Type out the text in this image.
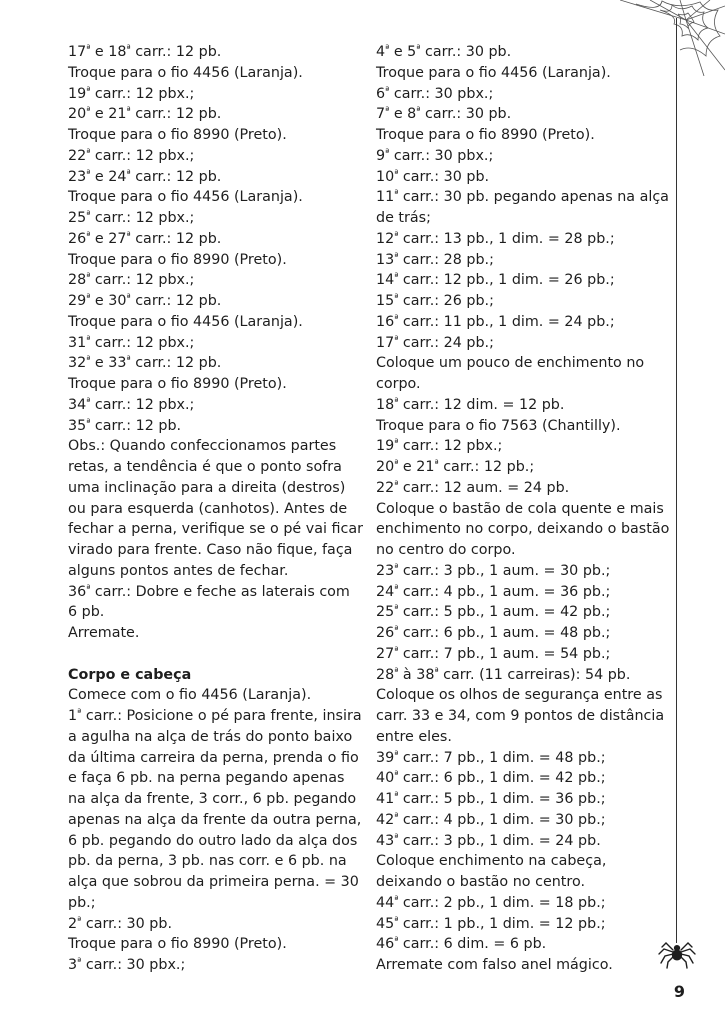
$17^ª$ e $18^ª$ carr.: 12 pb.
Troque para o fio 4456 (Laranja).
$19^ª$ carr.: 12 pbx.;
$20^ª$ e $21^ª$ carr.: 12 pb.
Troque para o fio 8990 (Preto).
$22^ª$ carr.: 12 pbx.;
$23^ª$ e $24^ª$ carr.: 12 pb.
Troque para o fio 4456 (Laranja).
$25^ª$ carr.: 12 pbx.;
$26^ª$ e $27^ª$ carr.: 12 pb.
Troque para o fio 8990 (Preto).
$28^ª$ carr.: 12 pbx.;
$29^ª$ e $30^ª$ carr.: 12 pb.
Troque para o fio 4456 (Laranja).
$31^ª$ carr.: 12 pbx.;
$32^ª$ e $33^ª$ carr.: 12 pb.
Troque para o fio 8990 (Preto).
$34^ª$ carr.: 12 pbx.;
$35^ª$ carr.: 12 pb.
Obs.: Quando confeccionamos partes
retas, a tendência é que o ponto sofra
uma inclinação para a direita (destros)
ou para esquerda (canhotos). Antes de
fechar a perna, verifique se o pé vai ficar
virado para frente. Caso não fique, faça
alguns pontos antes de fechar.
$36^ª$ carr.: Dobre e feche as laterais com
6 pb.
Arremate.
Corpo e cabeça
Comece com o fio 4456 (Laranja).
$1^ª$ carr.: Posicione o pé para frente, insira
a agulha na alça de trás do ponto baixo
da última carreira da perna, prenda o fio
e faça 6 pb. na perna pegando apenas
na alça da frente, 3 corr., 6 pb. pegando
apenas na alça da frente da outra perna,
6 pb. pegando do outro lado da alça dos
pb. da perna, 3 pb. nas corr. e 6 pb. na
alça que sobrou da primeira perna. = 30
pb.;
$2^ª$ carr.: 30 pb.
Troque para o fio 8990 (Preto).
$3^ª$ carr.: 30 pbx.;
$4^ª$ e $5^ª$ carr.: 30 pb.
Troque para o fio 4456 (Laranja).
$6^ª$ carr.: 30 pbx.;
$7^ª$ e $8^ª$ carr.: 30 pb.
Troque para o fio 8990 (Preto).
$9^ª$ carr.: 30 pbx.;
$10^ª$ carr.: 30 pb.
$11^ª$ carr.: 30 pb. pegando apenas na alça
de trás;
$12^ª$ carr.: 13 pb., 1 dim. = 28 pb.;
$13^ª$ carr.: 28 pb.;
$14^ª$ carr.: 12 pb., 1 dim. = 26 pb.;
$15^ª$ carr.: 26 pb.;
$16^ª$ carr.: 11 pb., 1 dim. = 24 pb.;
$17^ª$ carr.: 24 pb.;
Coloque um pouco de enchimento no
corpo.
$18^ª$ carr.: 12 dim. = 12 pb.
Troque para o fio 7563 (Chantilly).
$19^ª$ carr.: 12 pbx.;
$20^ª$ e $21^ª$ carr.: 12 pb.;
$22^ª$ carr.: 12 aum. = 24 pb.
Coloque o bastão de cola quente e mais
enchimento no corpo, deixando o bastão
no centro do corpo.
$23^ª$ carr.: 3 pb., 1 aum. = 30 pb.;
$24^ª$ carr.: 4 pb., 1 aum. = 36 pb.;
$25^ª$ carr.: 5 pb., 1 aum. = 42 pb.;
$26^ª$ carr.: 6 pb., 1 aum. = 48 pb.;
$27^ª$ carr.: 7 pb., 1 aum. = 54 pb.;
$28^ª$ à $38^ª$ carr. (11 carreiras): 54 pb.
Coloque os olhos de segurança entre as
carr. 33 e 34, com 9 pontos de distância
entre eles.
$39^ª$ carr.: 7 pb., 1 dim. = 48 pb.;
$40^ª$ carr.: 6 pb., 1 dim. = 42 pb.;
$41^ª$ carr.: 5 pb., 1 dim. = 36 pb.;
$42^ª$ carr.: 4 pb., 1 dim. = 30 pb.;
$43^ª$ carr.: 3 pb., 1 dim. = 24 pb.
Coloque enchimento na cabeça,
deixando o bastão no centro.
$44^ª$ carr.: 2 pb., 1 dim. = 18 pb.;
$45^ª$ carr.: 1 pb., 1 dim. = 12 pb.;
$46^ª$ carr.: 6 dim. = 6 pb.
Arremate com falso anel mágico.
9
